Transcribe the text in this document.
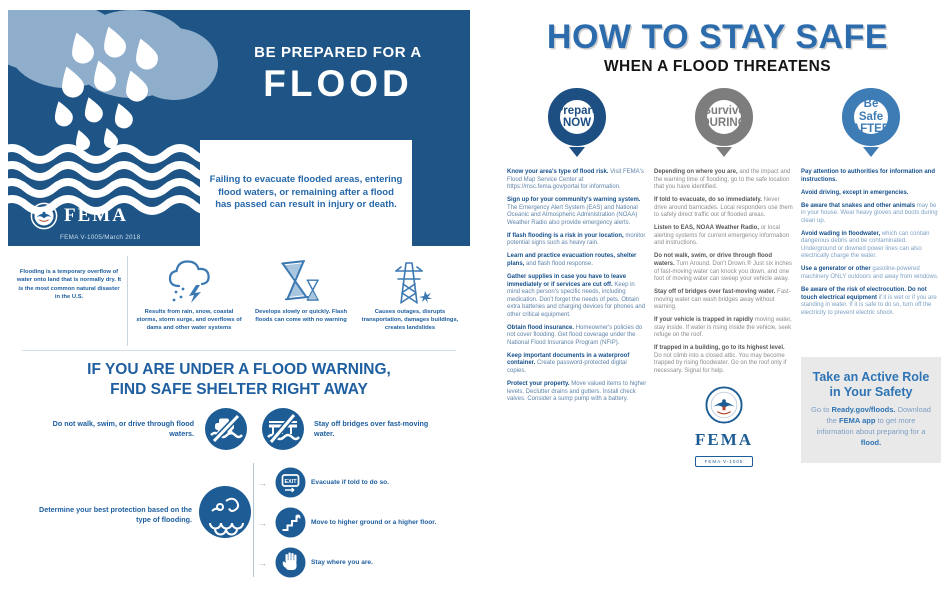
BE PREPARED FOR A
FLOOD
Failing to evacuate flooded areas, entering flood waters, or remaining after a flood has passed can result in injury or death.
FEMA
FEMA V-1005/March 2018
Flooding is a temporary overflow of water onto land that is normally dry. It is the most common natural disaster in the U.S.
Results from rain, snow, coastal storms, storm surge, and overflows of dams and other water systems
Develops slowly or quickly. Flash floods can come with no warning
Causes outages, disrupts transportation, damages buildings, creates landslides
IF YOU ARE UNDER A FLOOD WARNING,
FIND SAFE SHELTER RIGHT AWAY
Do not walk, swim, or drive through flood waters.
Stay off bridges over fast-moving water.
Determine your best protection based on the type of flooding.
→	EXIT Evacuate if told to do so.
→	Move to higher ground or a higher floor.
→	Stay where you are.
HOW TO STAY SAFE
WHEN A FLOOD THREATENS
Prepare
NOW
Survive
DURING
Be Safe
AFTER

Know your area's type of flood risk. Visit FEMA's Flood Map Service Center at https://msc.fema.gov/portal for information.

Sign up for your community's warning system. The Emergency Alert System (EAS) and National Oceanic and Atmospheric Administration (NOAA) Weather Radio also provide emergency alerts.

If flash flooding is a risk in your location, monitor potential signs such as heavy rain.

Learn and practice evacuation routes, shelter plans, and flash flood response.

Gather supplies in case you have to leave immediately or if services are cut off. Keep in mind each person's specific needs, including medication. Don't forget the needs of pets. Obtain extra batteries and charging devices for phones and other critical equipment.

Obtain flood insurance. Homeowner's policies do not cover flooding. Get flood coverage under the National Flood Insurance Program (NFIP).

Keep important documents in a waterproof container. Create password-protected digital copies.

Protect your property. Move valued items to higher levels. Declutter drains and gutters. Install check valves. Consider a sump pump with a battery.

Depending on where you are, and the impact and the warning time of flooding, go to the safe location that you have identified.

If told to evacuate, do so immediately. Never drive around barricades. Local responders use them to safely direct traffic out of flooded areas.

Listen to EAS, NOAA Weather Radio, or local alerting systems for current emergency information and instructions.

Do not walk, swim, or drive through flood waters. Turn Around. Don't Drown.® Just six inches of fast-moving water can knock you down, and one foot of moving water can sweep your vehicle away.

Stay off of bridges over fast-moving water. Fast-moving water can wash bridges away without warning.

If your vehicle is trapped in rapidly moving water, stay inside. If water is rising inside the vehicle, seek refuge on the roof.

If trapped in a building, go to its highest level. Do not climb into a closed attic. You may become trapped by rising floodwater. Go on the roof only if necessary. Signal for help.

FEMA
FEMA V-1005

Pay attention to authorities for information and instructions.

Avoid driving, except in emergencies.

Be aware that snakes and other animals may be in your house. Wear heavy gloves and boots during clean up.

Avoid wading in floodwater, which can contain dangerous debris and be contaminated. Underground or downed power lines can also electrically charge the water.

Use a generator or other gasoline-powered machinery ONLY outdoors and away from windows.

Be aware of the risk of electrocution. Do not touch electrical equipment if it is wet or if you are standing in water. If it is safe to do so, turn off the electricity to prevent electric shock.

Take an Active Role
in Your Safety
Go to Ready.gov/floods. Download the FEMA app to get more information about preparing for a flood.
